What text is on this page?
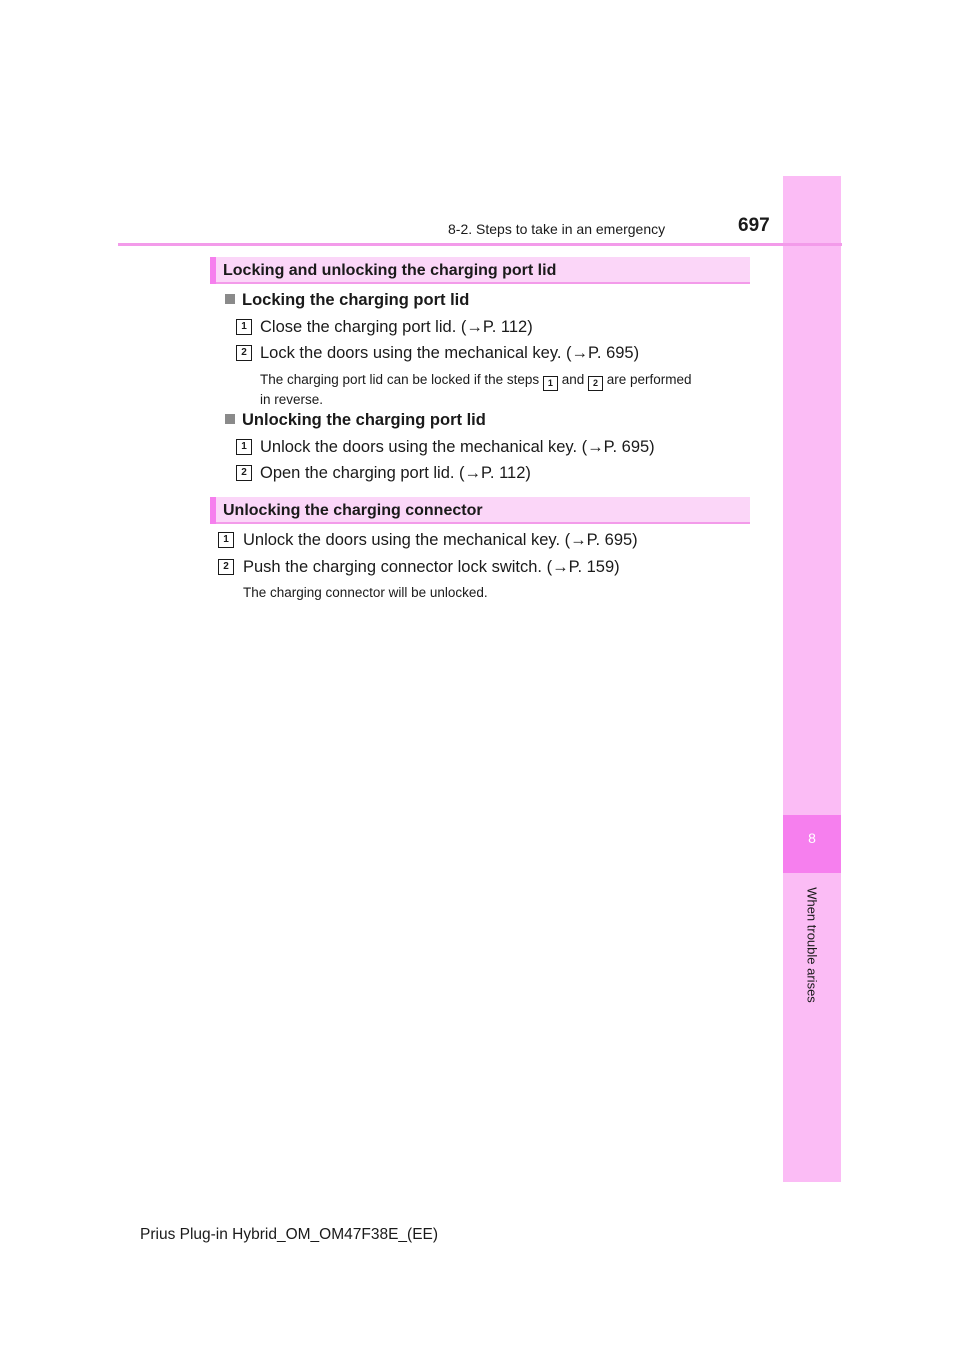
8
When trouble arises
8-2. Steps to take in an emergency	697
Locking and unlocking the charging port lid
Locking the charging port lid
1 Close the charging port lid. (→P. 112)
2 Lock the doors using the mechanical key. (→P. 695)
The charging port lid can be locked if the steps 1 and 2 are performed
in reverse.
Unlocking the charging port lid
1 Unlock the doors using the mechanical key. (→P. 695)
2 Open the charging port lid. (→P. 112)
Unlocking the charging connector
1 Unlock the doors using the mechanical key. (→P. 695)
2 Push the charging connector lock switch. (→P. 159)
The charging connector will be unlocked.
Prius Plug-in Hybrid_OM_OM47F38E_(EE)
